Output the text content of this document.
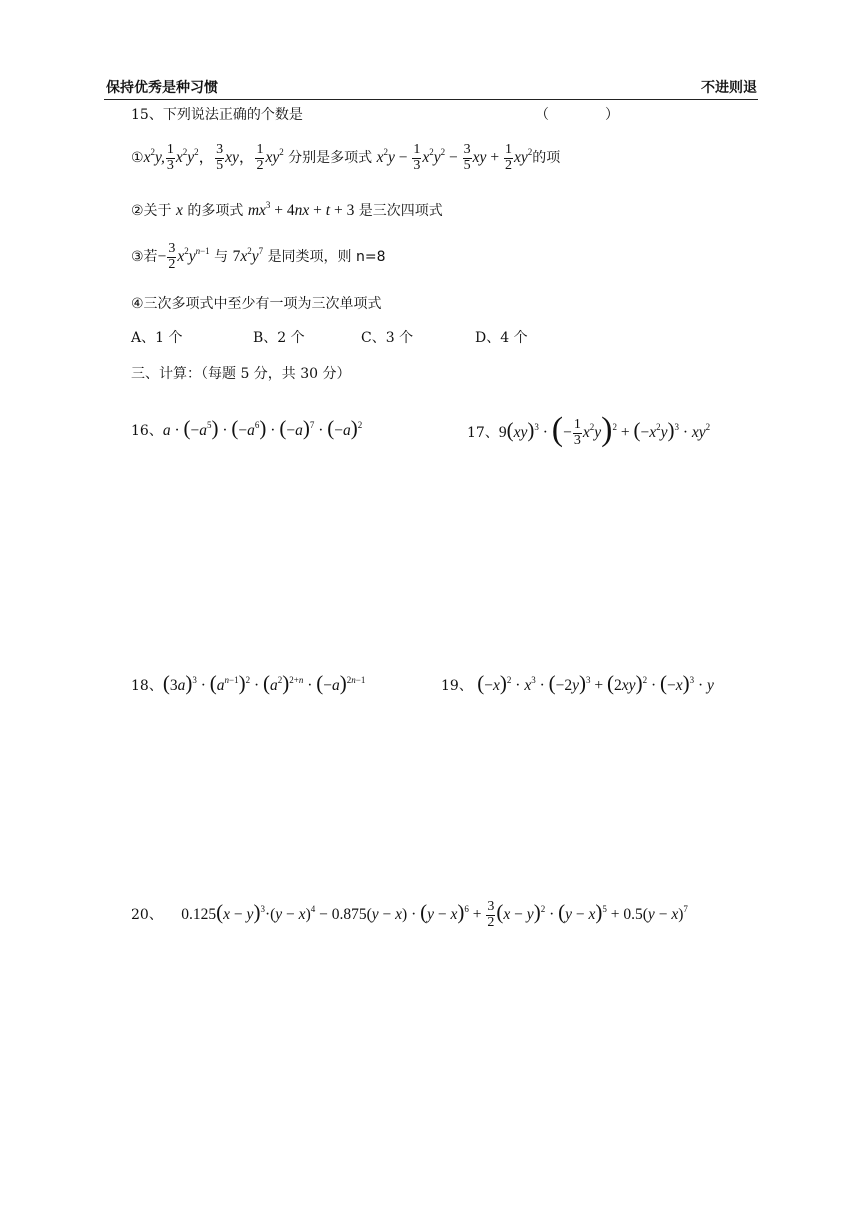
保持优秀是种习惯	不进则退
15、下列说法正确的个数是	（　　　　）
$①x^2y$, $\frac{1}{3} x^2y^2$， $\frac{3}{5}$ xy， $\frac{1}{2} xy^2$ 分别是多项式 $x^2y - \frac{1}{3} x^2y^2 - \frac{3}{5}$ xy + $\frac{1}{2} xy^2$的项
②关于 x 的多项式 $mx^3 + 4nx + t + 3$ 是三次四项式
③若− $\frac{3}{2} x^2y^{n-1}$ 与 $7x^2y^7$ 是同类项，则 n=8
④三次多项式中至少有一项为三次单项式
A、1 个	B、2 个	C、3 个	D、4 个
三、计算：（每题 5 分，共 30 分）
16、$a \cdot (-a^5) \cdot (-a^6) \cdot (-a)^7 \cdot (-a)^2$	17、9(xy)$^3$ · (− $\frac{1}{3} x^2y)^2 + (-x^2y)^3 \cdot xy^2$
18、$(3a)^3 \cdot (a^{n-1})^2 \cdot (a^2)^{2+n} \cdot (-a)^{2n-1}$	19、 $(-x)^2 \cdot x^3 \cdot (-2y)^3 + (2xy)^2 \cdot (-x)^3 \cdot y$
20、 $0.125(x - y)^3\cdot(y - x)^4 - 0.875(y - x) \cdot (y - x)^6 + \frac{3}{2} (x - y)^2 \cdot (y - x)^5 + 0.5(y - x)^7$
